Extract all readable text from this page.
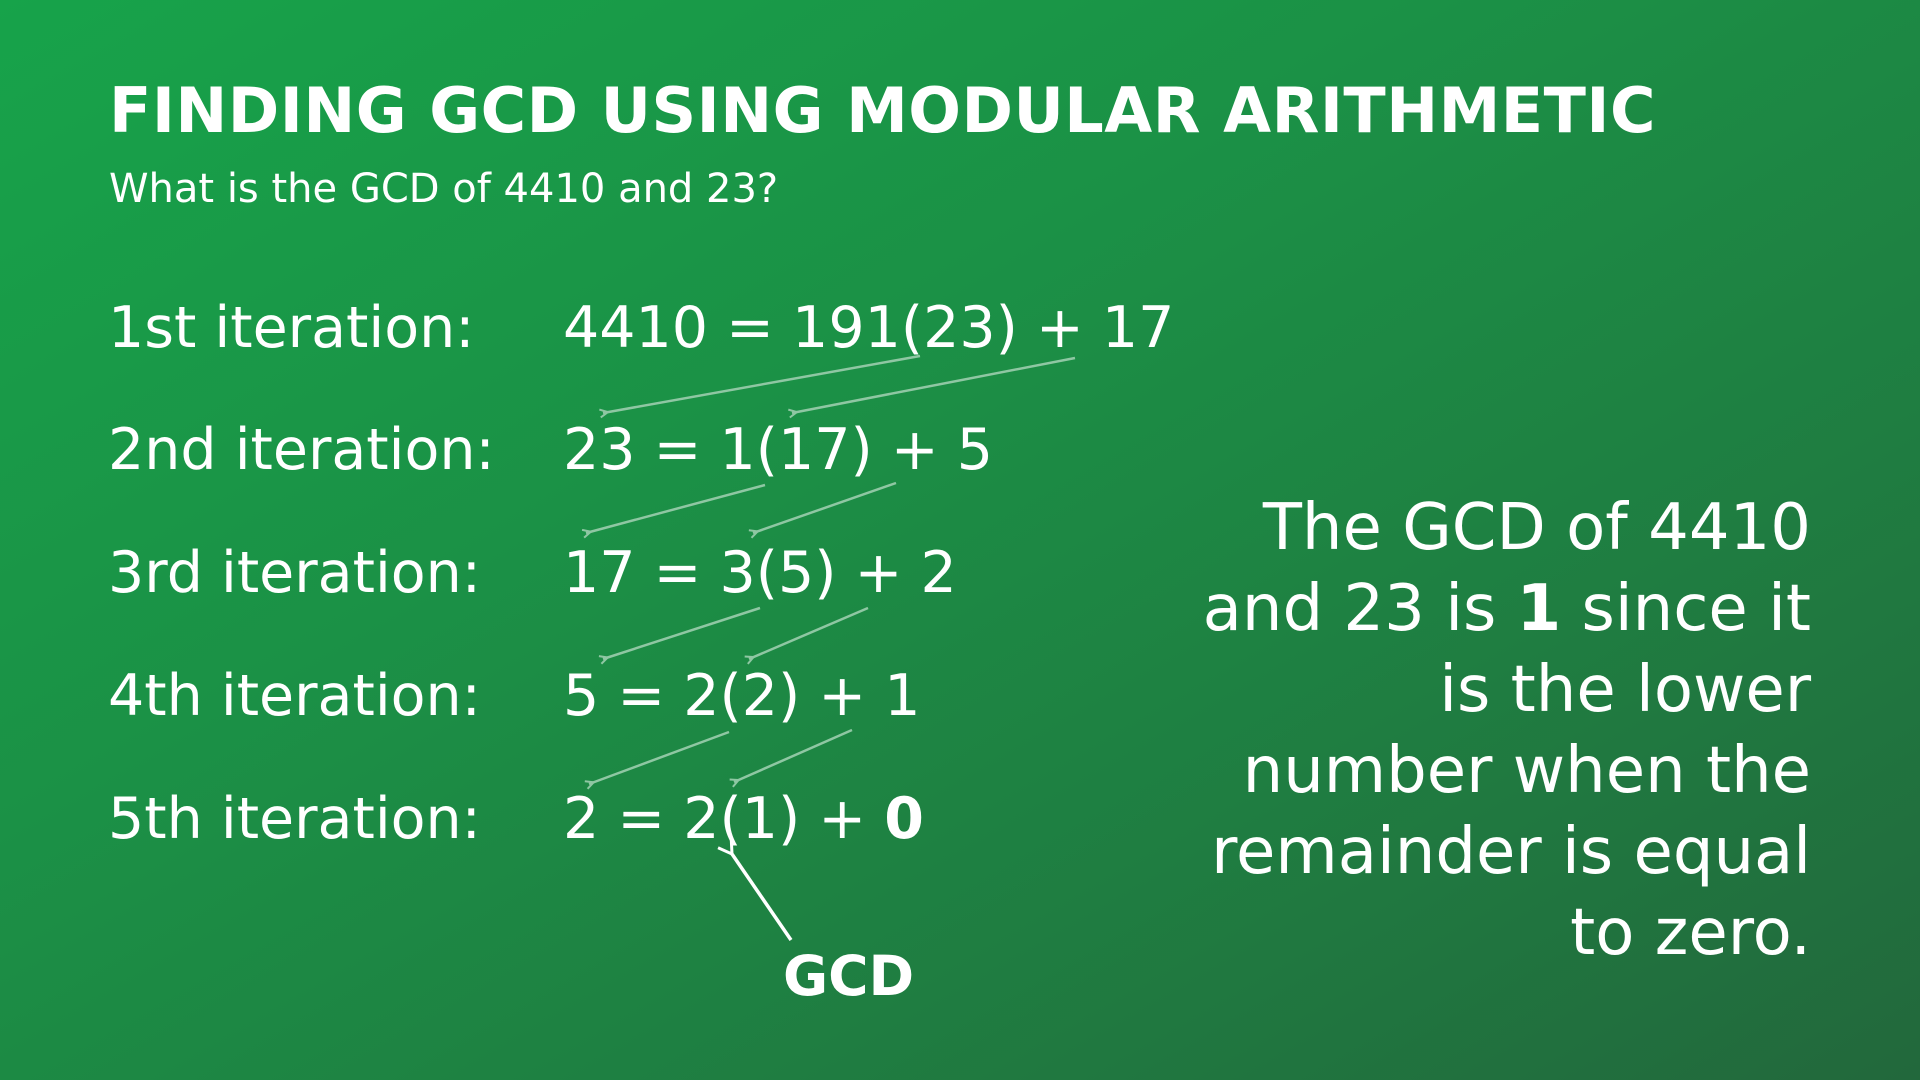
FINDING GCD USING MODULAR ARITHMETIC
What is the GCD of 4410 and 23?
1st iteration: 4410 = 191(23) + 17
2nd iteration: 23 = 1(17) + 5
3rd iteration: 17 = 3(5) + 2
4th iteration: 5 = 2(2) + 1
5th iteration: 2 = 2(1) + 0
GCD
The GCD of 4410 and 23 is 1 since it is the lower number when the remainder is equal to zero.
